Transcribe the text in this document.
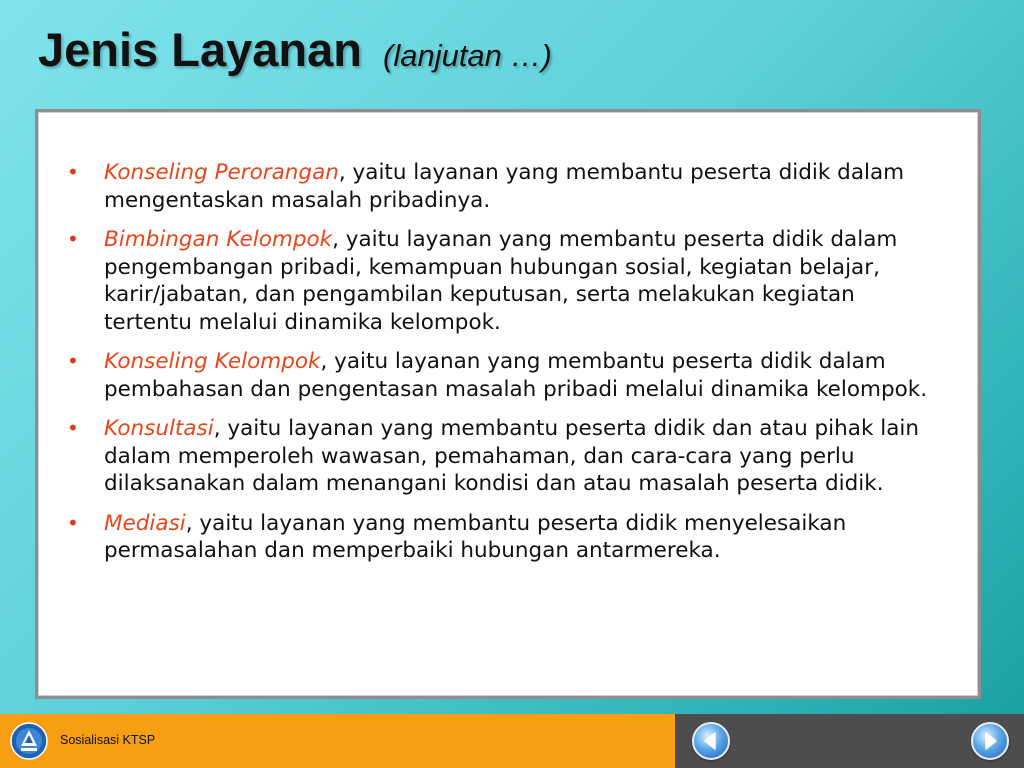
Jenis Layanan (lanjutan …)
• Konseling Perorangan, yaitu layanan yang membantu peserta didik dalam mengentaskan masalah pribadinya.
• Bimbingan Kelompok, yaitu layanan yang membantu peserta didik dalam pengembangan pribadi, kemampuan hubungan sosial, kegiatan belajar, karir/jabatan, dan pengambilan keputusan, serta melakukan kegiatan tertentu melalui dinamika kelompok.
• Konseling Kelompok, yaitu layanan yang membantu peserta didik dalam pembahasan dan pengentasan masalah pribadi melalui dinamika kelompok.
• Konsultasi, yaitu layanan yang membantu peserta didik dan atau pihak lain dalam memperoleh wawasan, pemahaman, dan cara-cara yang perlu dilaksanakan dalam menangani kondisi dan atau masalah peserta didik.
• Mediasi, yaitu layanan yang membantu peserta didik menyelesaikan permasalahan dan memperbaiki hubungan antarmereka.
Sosialisasi KTSP
